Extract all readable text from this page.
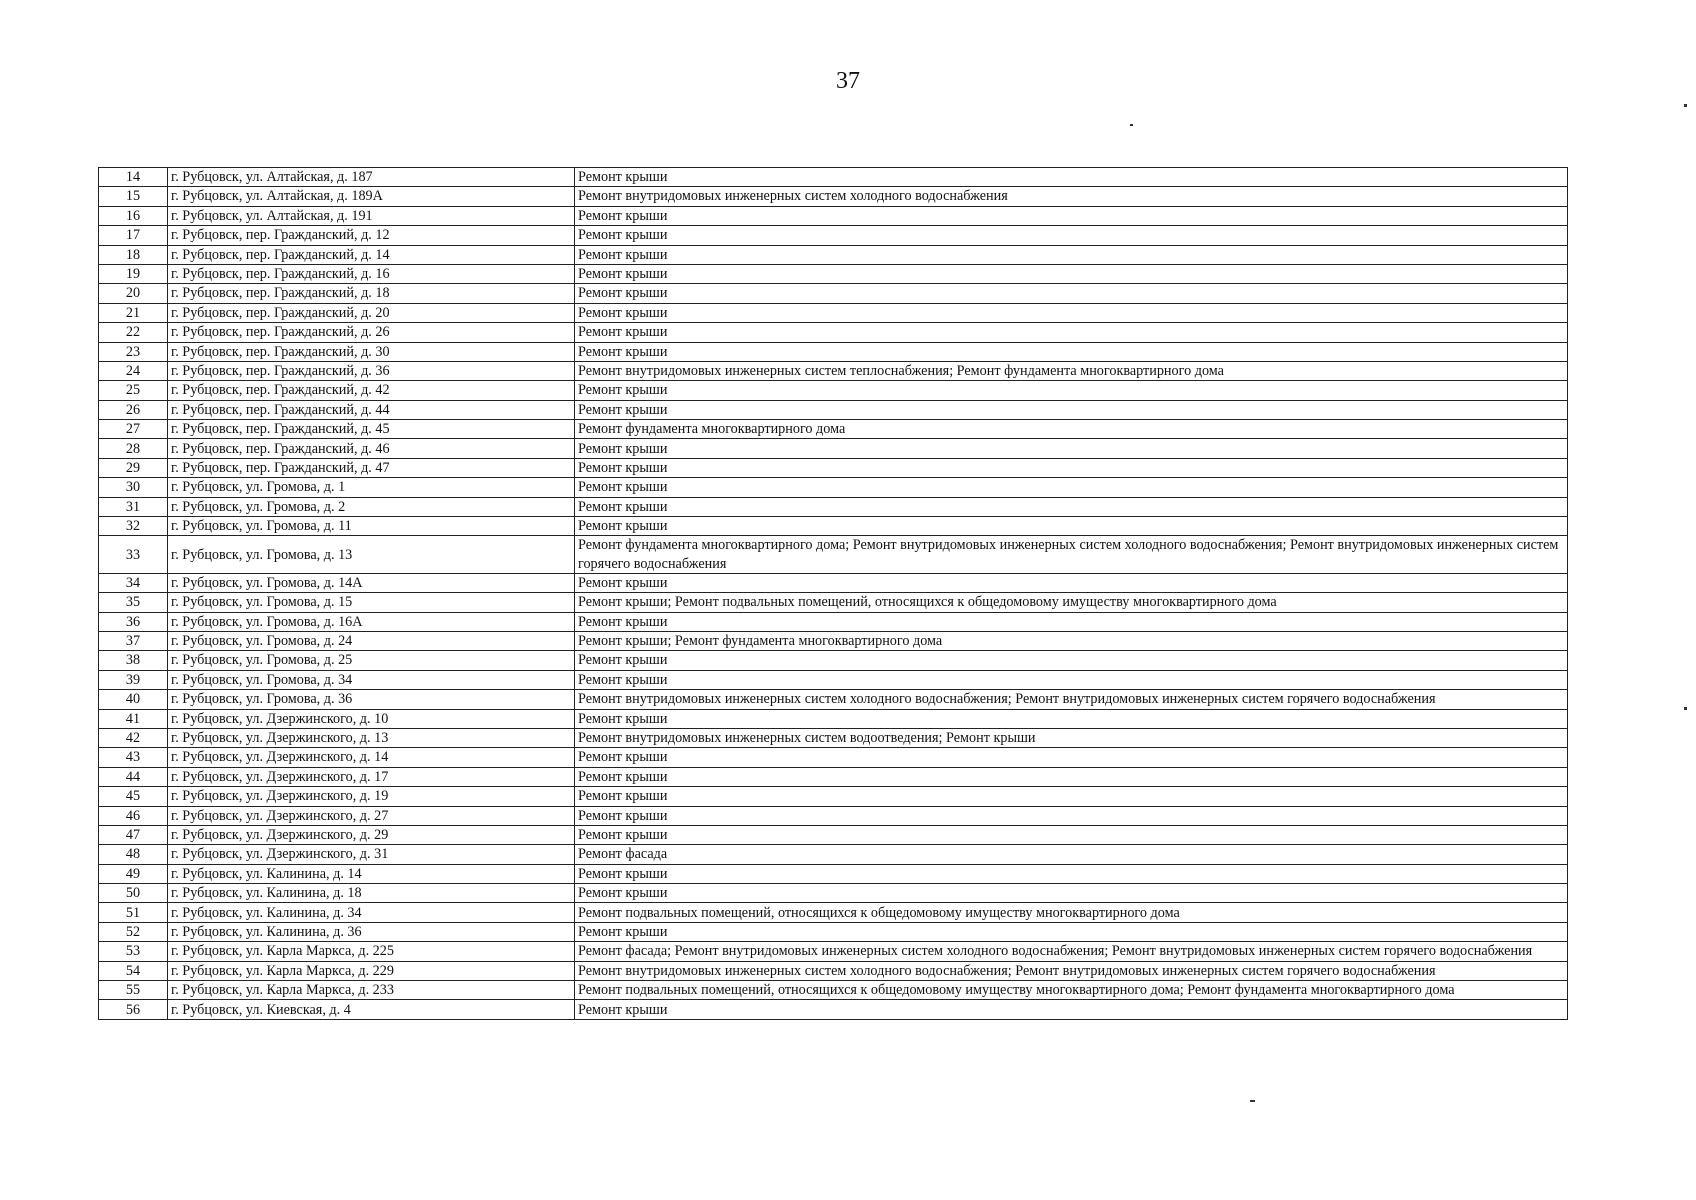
37
14	г. Рубцовск, ул. Алтайская, д. 187	Ремонт крыши
15	г. Рубцовск, ул. Алтайская, д. 189А	Ремонт внутридомовых инженерных систем холодного водоснабжения
16	г. Рубцовск, ул. Алтайская, д. 191	Ремонт крыши
17	г. Рубцовск, пер. Гражданский, д. 12	Ремонт крыши
18	г. Рубцовск, пер. Гражданский, д. 14	Ремонт крыши
19	г. Рубцовск, пер. Гражданский, д. 16	Ремонт крыши
20	г. Рубцовск, пер. Гражданский, д. 18	Ремонт крыши
21	г. Рубцовск, пер. Гражданский, д. 20	Ремонт крыши
22	г. Рубцовск, пер. Гражданский, д. 26	Ремонт крыши
23	г. Рубцовск, пер. Гражданский, д. 30	Ремонт крыши
24	г. Рубцовск, пер. Гражданский, д. 36	Ремонт внутридомовых инженерных систем теплоснабжения; Ремонт фундамента многоквартирного дома
25	г. Рубцовск, пер. Гражданский, д. 42	Ремонт крыши
26	г. Рубцовск, пер. Гражданский, д. 44	Ремонт крыши
27	г. Рубцовск, пер. Гражданский, д. 45	Ремонт фундамента многоквартирного дома
28	г. Рубцовск, пер. Гражданский, д. 46	Ремонт крыши
29	г. Рубцовск, пер. Гражданский, д. 47	Ремонт крыши
30	г. Рубцовск, ул. Громова, д. 1	Ремонт крыши
31	г. Рубцовск, ул. Громова, д. 2	Ремонт крыши
32	г. Рубцовск, ул. Громова, д. 11	Ремонт крыши
33	г. Рубцовск, ул. Громова, д. 13	Ремонт фундамента многоквартирного дома; Ремонт внутридомовых инженерных систем холодного водоснабжения; Ремонт внутридомовых инженерных систем горячего водоснабжения
34	г. Рубцовск, ул. Громова, д. 14А	Ремонт крыши
35	г. Рубцовск, ул. Громова, д. 15	Ремонт крыши; Ремонт подвальных помещений, относящихся к общедомовому имуществу многоквартирного дома
36	г. Рубцовск, ул. Громова, д. 16А	Ремонт крыши
37	г. Рубцовск, ул. Громова, д. 24	Ремонт крыши; Ремонт фундамента многоквартирного дома
38	г. Рубцовск, ул. Громова, д. 25	Ремонт крыши
39	г. Рубцовск, ул. Громова, д. 34	Ремонт крыши
40	г. Рубцовск, ул. Громова, д. 36	Ремонт внутридомовых инженерных систем холодного водоснабжения; Ремонт внутридомовых инженерных систем горячего водоснабжения
41	г. Рубцовск, ул. Дзержинского, д. 10	Ремонт крыши
42	г. Рубцовск, ул. Дзержинского, д. 13	Ремонт внутридомовых инженерных систем водоотведения; Ремонт крыши
43	г. Рубцовск, ул. Дзержинского, д. 14	Ремонт крыши
44	г. Рубцовск, ул. Дзержинского, д. 17	Ремонт крыши
45	г. Рубцовск, ул. Дзержинского, д. 19	Ремонт крыши
46	г. Рубцовск, ул. Дзержинского, д. 27	Ремонт крыши
47	г. Рубцовск, ул. Дзержинского, д. 29	Ремонт крыши
48	г. Рубцовск, ул. Дзержинского, д. 31	Ремонт фасада
49	г. Рубцовск, ул. Калинина, д. 14	Ремонт крыши
50	г. Рубцовск, ул. Калинина, д. 18	Ремонт крыши
51	г. Рубцовск, ул. Калинина, д. 34	Ремонт подвальных помещений, относящихся к общедомовому имуществу многоквартирного дома
52	г. Рубцовск, ул. Калинина, д. 36	Ремонт крыши
53	г. Рубцовск, ул. Карла Маркса, д. 225	Ремонт фасада; Ремонт внутридомовых инженерных систем холодного водоснабжения; Ремонт внутридомовых инженерных систем горячего водоснабжения
54	г. Рубцовск, ул. Карла Маркса, д. 229	Ремонт внутридомовых инженерных систем холодного водоснабжения; Ремонт внутридомовых инженерных систем горячего водоснабжения
55	г. Рубцовск, ул. Карла Маркса, д. 233	Ремонт подвальных помещений, относящихся к общедомовому имуществу многоквартирного дома; Ремонт фундамента многоквартирного дома
56	г. Рубцовск, ул. Киевская, д. 4	Ремонт крыши
